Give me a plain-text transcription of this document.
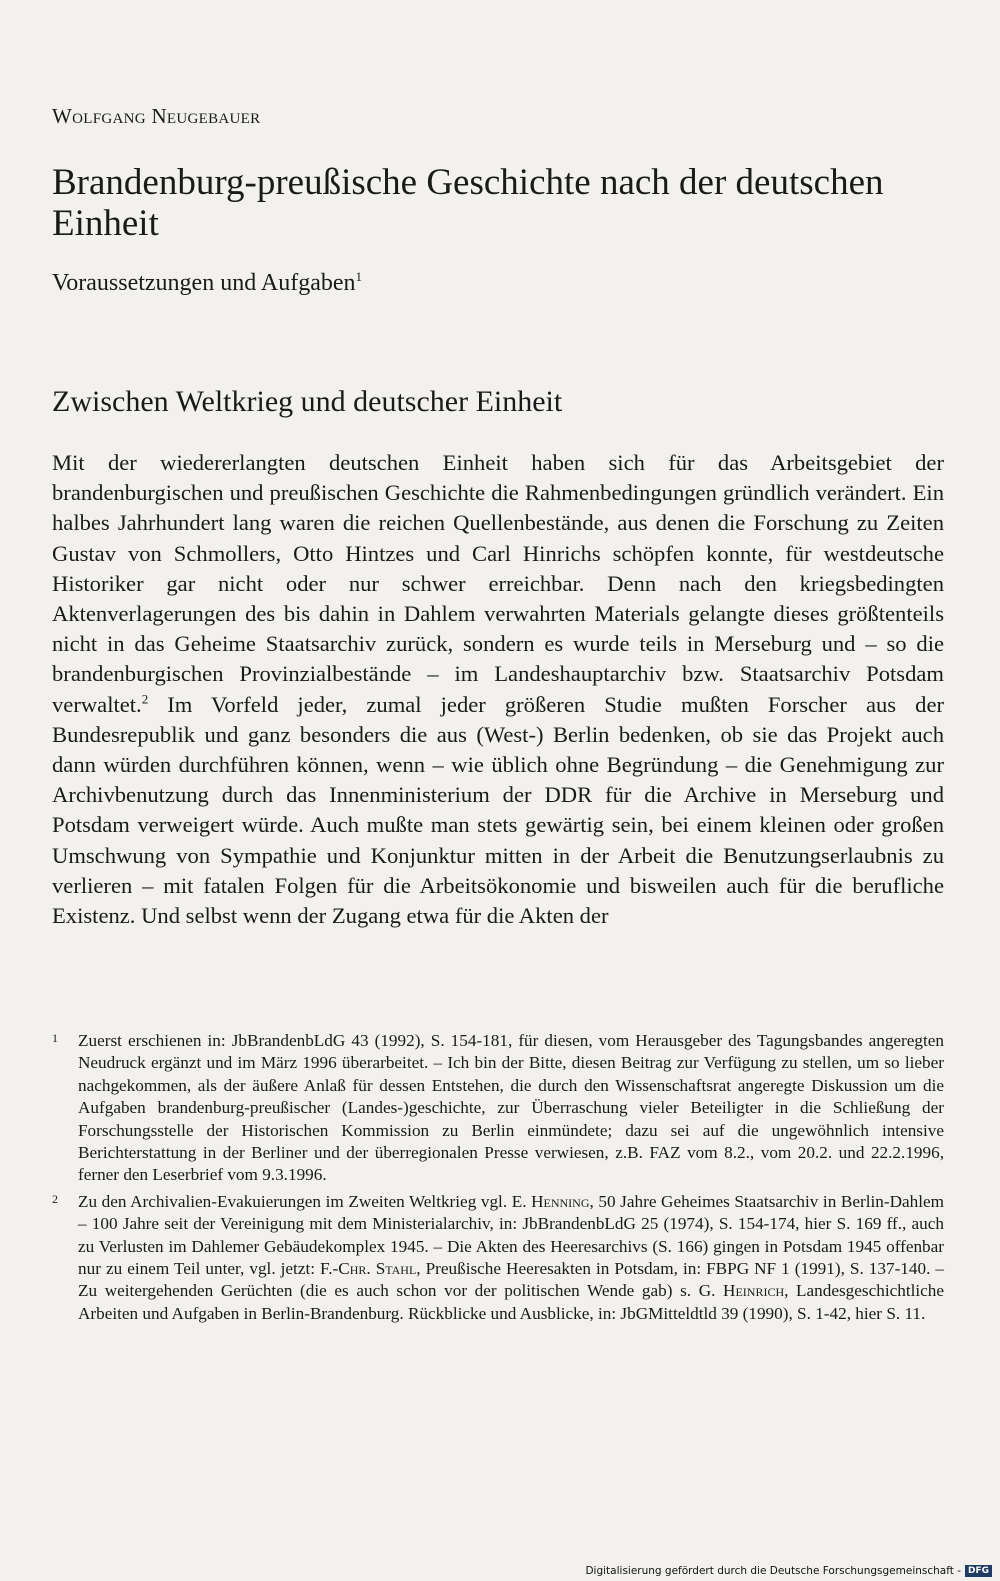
Wolfgang Neugebauer
Brandenburg-preußische Geschichte nach der deutschen Einheit
Voraussetzungen und Aufgaben$^1$
Zwischen Weltkrieg und deutscher Einheit

Mit der wiedererlangten deutschen Einheit haben sich für das Arbeitsgebiet der brandenburgischen und preußischen Geschichte die Rahmenbedingungen gründlich verändert. Ein halbes Jahrhundert lang waren die reichen Quellenbestände, aus denen die Forschung zu Zeiten Gustav von Schmollers, Otto Hintzes und Carl Hinrichs schöpfen konnte, für westdeutsche Historiker gar nicht oder nur schwer erreichbar. Denn nach den kriegsbedingten Aktenverlagerungen des bis dahin in Dahlem verwahrten Materials gelangte dieses größtenteils nicht in das Geheime Staatsarchiv zurück, sondern es wurde teils in Merseburg und – so die brandenburgischen Provinzialbestände – im Landeshauptarchiv bzw. Staatsarchiv Potsdam verwaltet.$^2$ Im Vorfeld jeder, zumal jeder größeren Studie mußten Forscher aus der Bundesrepublik und ganz besonders die aus (West-) Berlin bedenken, ob sie das Projekt auch dann würden durchführen können, wenn – wie üblich ohne Begründung – die Genehmigung zur Archivbenutzung durch das Innenministerium der DDR für die Archive in Merseburg und Potsdam verweigert würde. Auch mußte man stets gewärtig sein, bei einem kleinen oder großen Umschwung von Sympathie und Konjunktur mitten in der Arbeit die Benutzungserlaubnis zu verlieren – mit fatalen Folgen für die Arbeitsökonomie und bisweilen auch für die berufliche Existenz. Und selbst wenn der Zugang etwa für die Akten der

1 Zuerst erschienen in: JbBrandenbLdG 43 (1992), S. 154-181, für diesen, vom Herausgeber des Tagungsbandes angeregten Neudruck ergänzt und im März 1996 überarbeitet. – Ich bin der Bitte, diesen Beitrag zur Verfügung zu stellen, um so lieber nachgekommen, als der äußere Anlaß für dessen Entstehen, die durch den Wissenschaftsrat angeregte Diskussion um die Aufgaben brandenburg-preußischer (Landes-)geschichte, zur Überraschung vieler Beteiligter in die Schließung der Forschungsstelle der Historischen Kommission zu Berlin einmündete; dazu sei auf die ungewöhnlich intensive Berichterstattung in der Berliner und der überregionalen Presse verwiesen, z.B. FAZ vom 8.2., vom 20.2. und 22.2.1996, ferner den Leserbrief vom 9.3.1996.

2 Zu den Archivalien-Evakuierungen im Zweiten Weltkrieg vgl. E. Henning, 50 Jahre Geheimes Staatsarchiv in Berlin-Dahlem – 100 Jahre seit der Vereinigung mit dem Ministerialarchiv, in: JbBrandenbLdG 25 (1974), S. 154-174, hier S. 169 ff., auch zu Verlusten im Dahlemer Gebäudekomplex 1945. – Die Akten des Heeresarchivs (S. 166) gingen in Potsdam 1945 offenbar nur zu einem Teil unter, vgl. jetzt: F.-Chr. Stahl, Preußische Heeresakten in Potsdam, in: FBPG NF 1 (1991), S. 137-140. – Zu weitergehenden Gerüchten (die es auch schon vor der politischen Wende gab) s. G. Heinrich, Landesgeschichtliche Arbeiten und Aufgaben in Berlin-Brandenburg. Rückblicke und Ausblicke, in: JbGMitteldtld 39 (1990), S. 1-42, hier S. 11.

Digitalisierung gefördert durch die Deutsche Forschungsgemeinschaft - DFG
